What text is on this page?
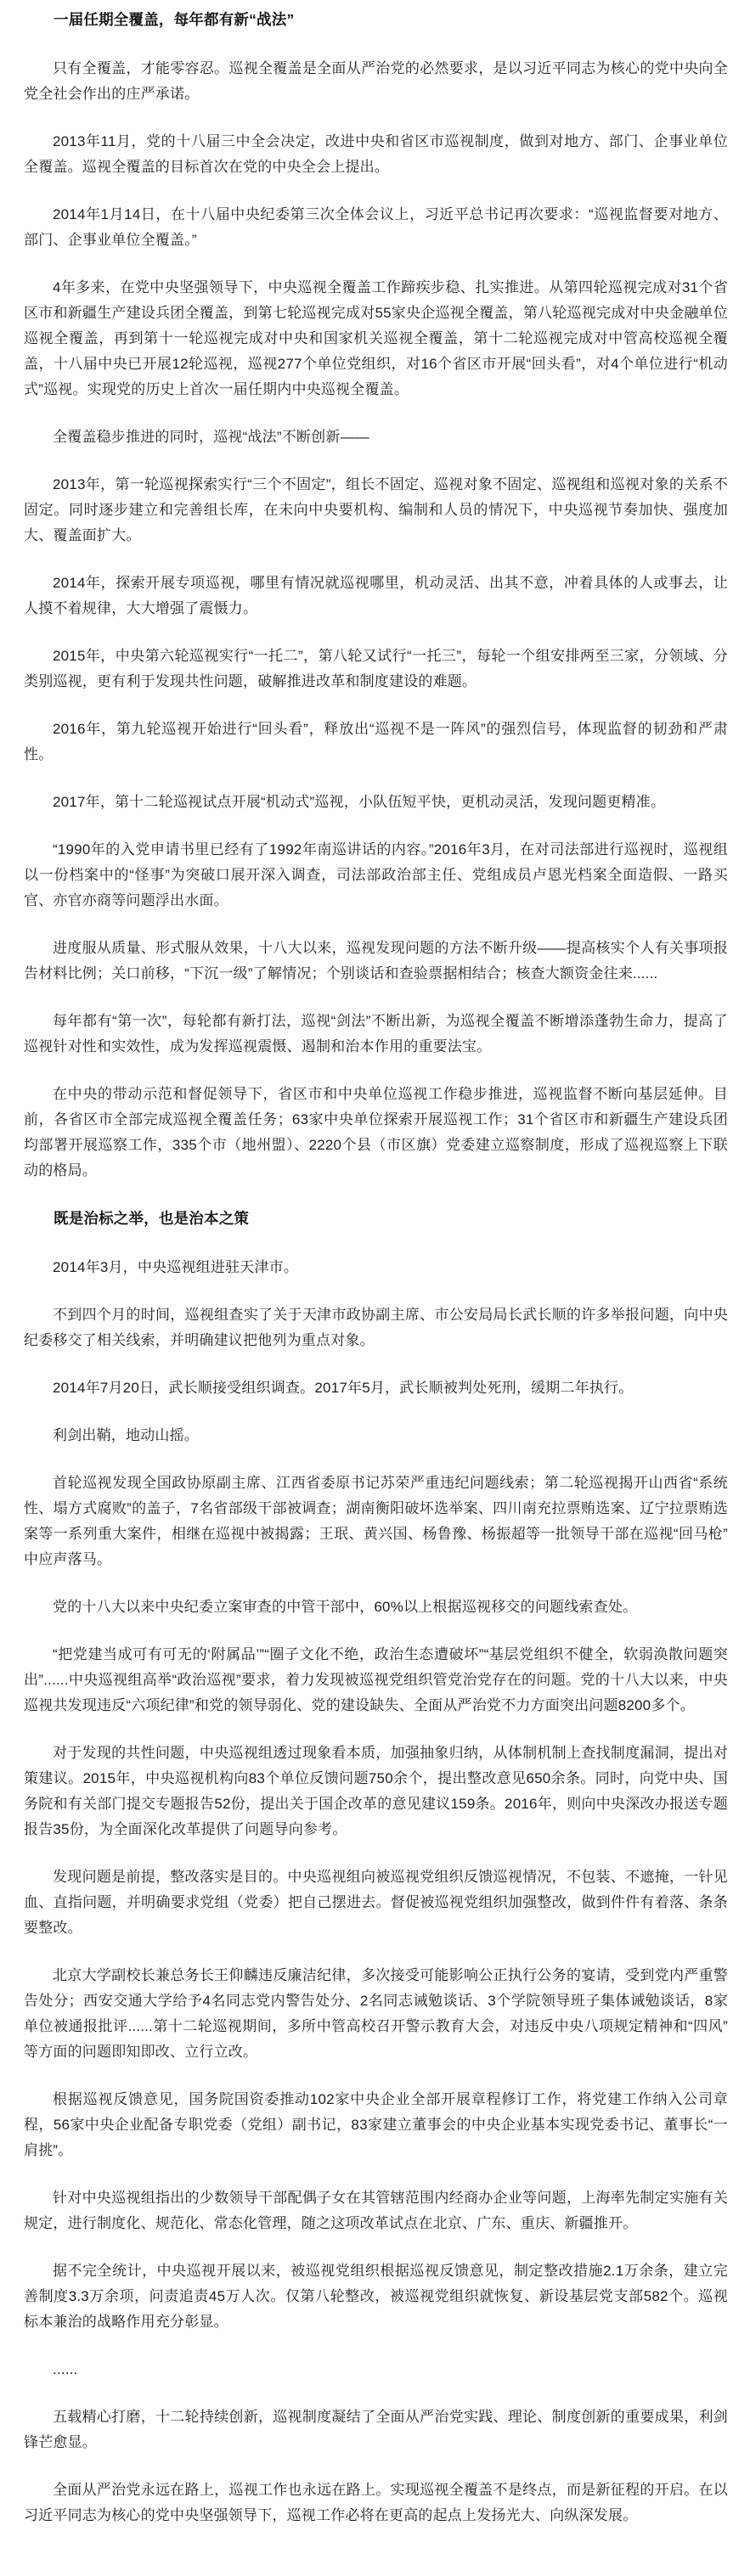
一届任期全覆盖，每年都有新“战法”

只有全覆盖，才能零容忍。巡视全覆盖是全面从严治党的必然要求，是以习近平同志为核心的党中央向全党全社会作出的庄严承诺。

2013年11月，党的十八届三中全会决定，改进中央和省区市巡视制度，做到对地方、部门、企事业单位全覆盖。巡视全覆盖的目标首次在党的中央全会上提出。

2014年1月14日，在十八届中央纪委第三次全体会议上，习近平总书记再次要求：“巡视监督要对地方、部门、企事业单位全覆盖。”

4年多来，在党中央坚强领导下，中央巡视全覆盖工作蹄疾步稳、扎实推进。从第四轮巡视完成对31个省区市和新疆生产建设兵团全覆盖，到第七轮巡视完成对55家央企巡视全覆盖，第八轮巡视完成对中央金融单位巡视全覆盖，再到第十一轮巡视完成对中央和国家机关巡视全覆盖，第十二轮巡视完成对中管高校巡视全覆盖，十八届中央已开展12轮巡视，巡视277个单位党组织，对16个省区市开展“回头看”，对4个单位进行“机动式”巡视。实现党的历史上首次一届任期内中央巡视全覆盖。

全覆盖稳步推进的同时，巡视“战法”不断创新——

2013年，第一轮巡视探索实行“三个不固定”，组长不固定、巡视对象不固定、巡视组和巡视对象的关系不固定。同时逐步建立和完善组长库，在未向中央要机构、编制和人员的情况下，中央巡视节奏加快、强度加大、覆盖面扩大。

2014年，探索开展专项巡视，哪里有情况就巡视哪里，机动灵活、出其不意，冲着具体的人或事去，让人摸不着规律，大大增强了震慑力。

2015年，中央第六轮巡视实行“一托二”，第八轮又试行“一托三”，每轮一个组安排两至三家，分领域、分类别巡视，更有利于发现共性问题，破解推进改革和制度建设的难题。

2016年，第九轮巡视开始进行“回头看”，释放出“巡视不是一阵风”的强烈信号，体现监督的韧劲和严肃性。

2017年，第十二轮巡视试点开展“机动式”巡视，小队伍短平快，更机动灵活，发现问题更精准。

“1990年的入党申请书里已经有了1992年南巡讲话的内容。”2016年3月，在对司法部进行巡视时，巡视组以一份档案中的“怪事”为突破口展开深入调查，司法部政治部主任、党组成员卢恩光档案全面造假、一路买官、亦官亦商等问题浮出水面。

进度服从质量、形式服从效果，十八大以来，巡视发现问题的方法不断升级——提高核实个人有关事项报告材料比例；关口前移，“下沉一级”了解情况；个别谈话和查验票据相结合；核查大额资金往来......

每年都有“第一次”，每轮都有新打法，巡视“剑法”不断出新，为巡视全覆盖不断增添蓬勃生命力，提高了巡视针对性和实效性，成为发挥巡视震慑、遏制和治本作用的重要法宝。

在中央的带动示范和督促领导下，省区市和中央单位巡视工作稳步推进，巡视监督不断向基层延伸。目前，各省区市全部完成巡视全覆盖任务；63家中央单位探索开展巡视工作；31个省区市和新疆生产建设兵团均部署开展巡察工作，335个市（地州盟）、2220个县（市区旗）党委建立巡察制度，形成了巡视巡察上下联动的格局。

既是治标之举，也是治本之策

2014年3月，中央巡视组进驻天津市。

不到四个月的时间，巡视组查实了关于天津市政协副主席、市公安局局长武长顺的许多举报问题，向中央纪委移交了相关线索，并明确建议把他列为重点对象。

2014年7月20日，武长顺接受组织调查。2017年5月，武长顺被判处死刑，缓期二年执行。

利剑出鞘，地动山摇。

首轮巡视发现全国政协原副主席、江西省委原书记苏荣严重违纪问题线索；第二轮巡视揭开山西省“系统性、塌方式腐败”的盖子，7名省部级干部被调查；湖南衡阳破坏选举案、四川南充拉票贿选案、辽宁拉票贿选案等一系列重大案件，相继在巡视中被揭露；王珉、黄兴国、杨鲁豫、杨振超等一批领导干部在巡视“回马枪”中应声落马。

党的十八大以来中央纪委立案审查的中管干部中，60%以上根据巡视移交的问题线索查处。

“把党建当成可有可无的‘附属品’”“圈子文化不绝，政治生态遭破坏”“基层党组织不健全，软弱涣散问题突出”......中央巡视组高举“政治巡视”要求，着力发现被巡视党组织管党治党存在的问题。党的十八大以来，中央巡视共发现违反“六项纪律”和党的领导弱化、党的建设缺失、全面从严治党不力方面突出问题8200多个。

对于发现的共性问题，中央巡视组透过现象看本质，加强抽象归纳，从体制机制上查找制度漏洞，提出对策建议。2015年，中央巡视机构向83个单位反馈问题750余个，提出整改意见650余条。同时，向党中央、国务院和有关部门提交专题报告52份，提出关于国企改革的意见建议159条。2016年，则向中央深改办报送专题报告35份，为全面深化改革提供了问题导向参考。

发现问题是前提，整改落实是目的。中央巡视组向被巡视党组织反馈巡视情况，不包装、不遮掩，一针见血、直指问题，并明确要求党组（党委）把自己摆进去。督促被巡视党组织加强整改，做到件件有着落、条条要整改。

北京大学副校长兼总务长王仰麟违反廉洁纪律，多次接受可能影响公正执行公务的宴请，受到党内严重警告处分；西安交通大学给予4名同志党内警告处分、2名同志诫勉谈话、3个学院领导班子集体诫勉谈话，8家单位被通报批评......第十二轮巡视期间，多所中管高校召开警示教育大会，对违反中央八项规定精神和“四风”等方面的问题即知即改、立行立改。

根据巡视反馈意见，国务院国资委推动102家中央企业全部开展章程修订工作，将党建工作纳入公司章程，56家中央企业配备专职党委（党组）副书记，83家建立董事会的中央企业基本实现党委书记、董事长“一肩挑”。

针对中央巡视组指出的少数领导干部配偶子女在其管辖范围内经商办企业等问题，上海率先制定实施有关规定，进行制度化、规范化、常态化管理，随之这项改革试点在北京、广东、重庆、新疆推开。

据不完全统计，中央巡视开展以来，被巡视党组织根据巡视反馈意见，制定整改措施2.1万余条，建立完善制度3.3万余项，问责追责45万人次。仅第八轮整改，被巡视党组织就恢复、新设基层党支部582个。巡视标本兼治的战略作用充分彰显。

......

五载精心打磨，十二轮持续创新，巡视制度凝结了全面从严治党实践、理论、制度创新的重要成果，利剑锋芒愈显。

全面从严治党永远在路上，巡视工作也永远在路上。实现巡视全覆盖不是终点，而是新征程的开启。在以习近平同志为核心的党中央坚强领导下，巡视工作必将在更高的起点上发扬光大、向纵深发展。
